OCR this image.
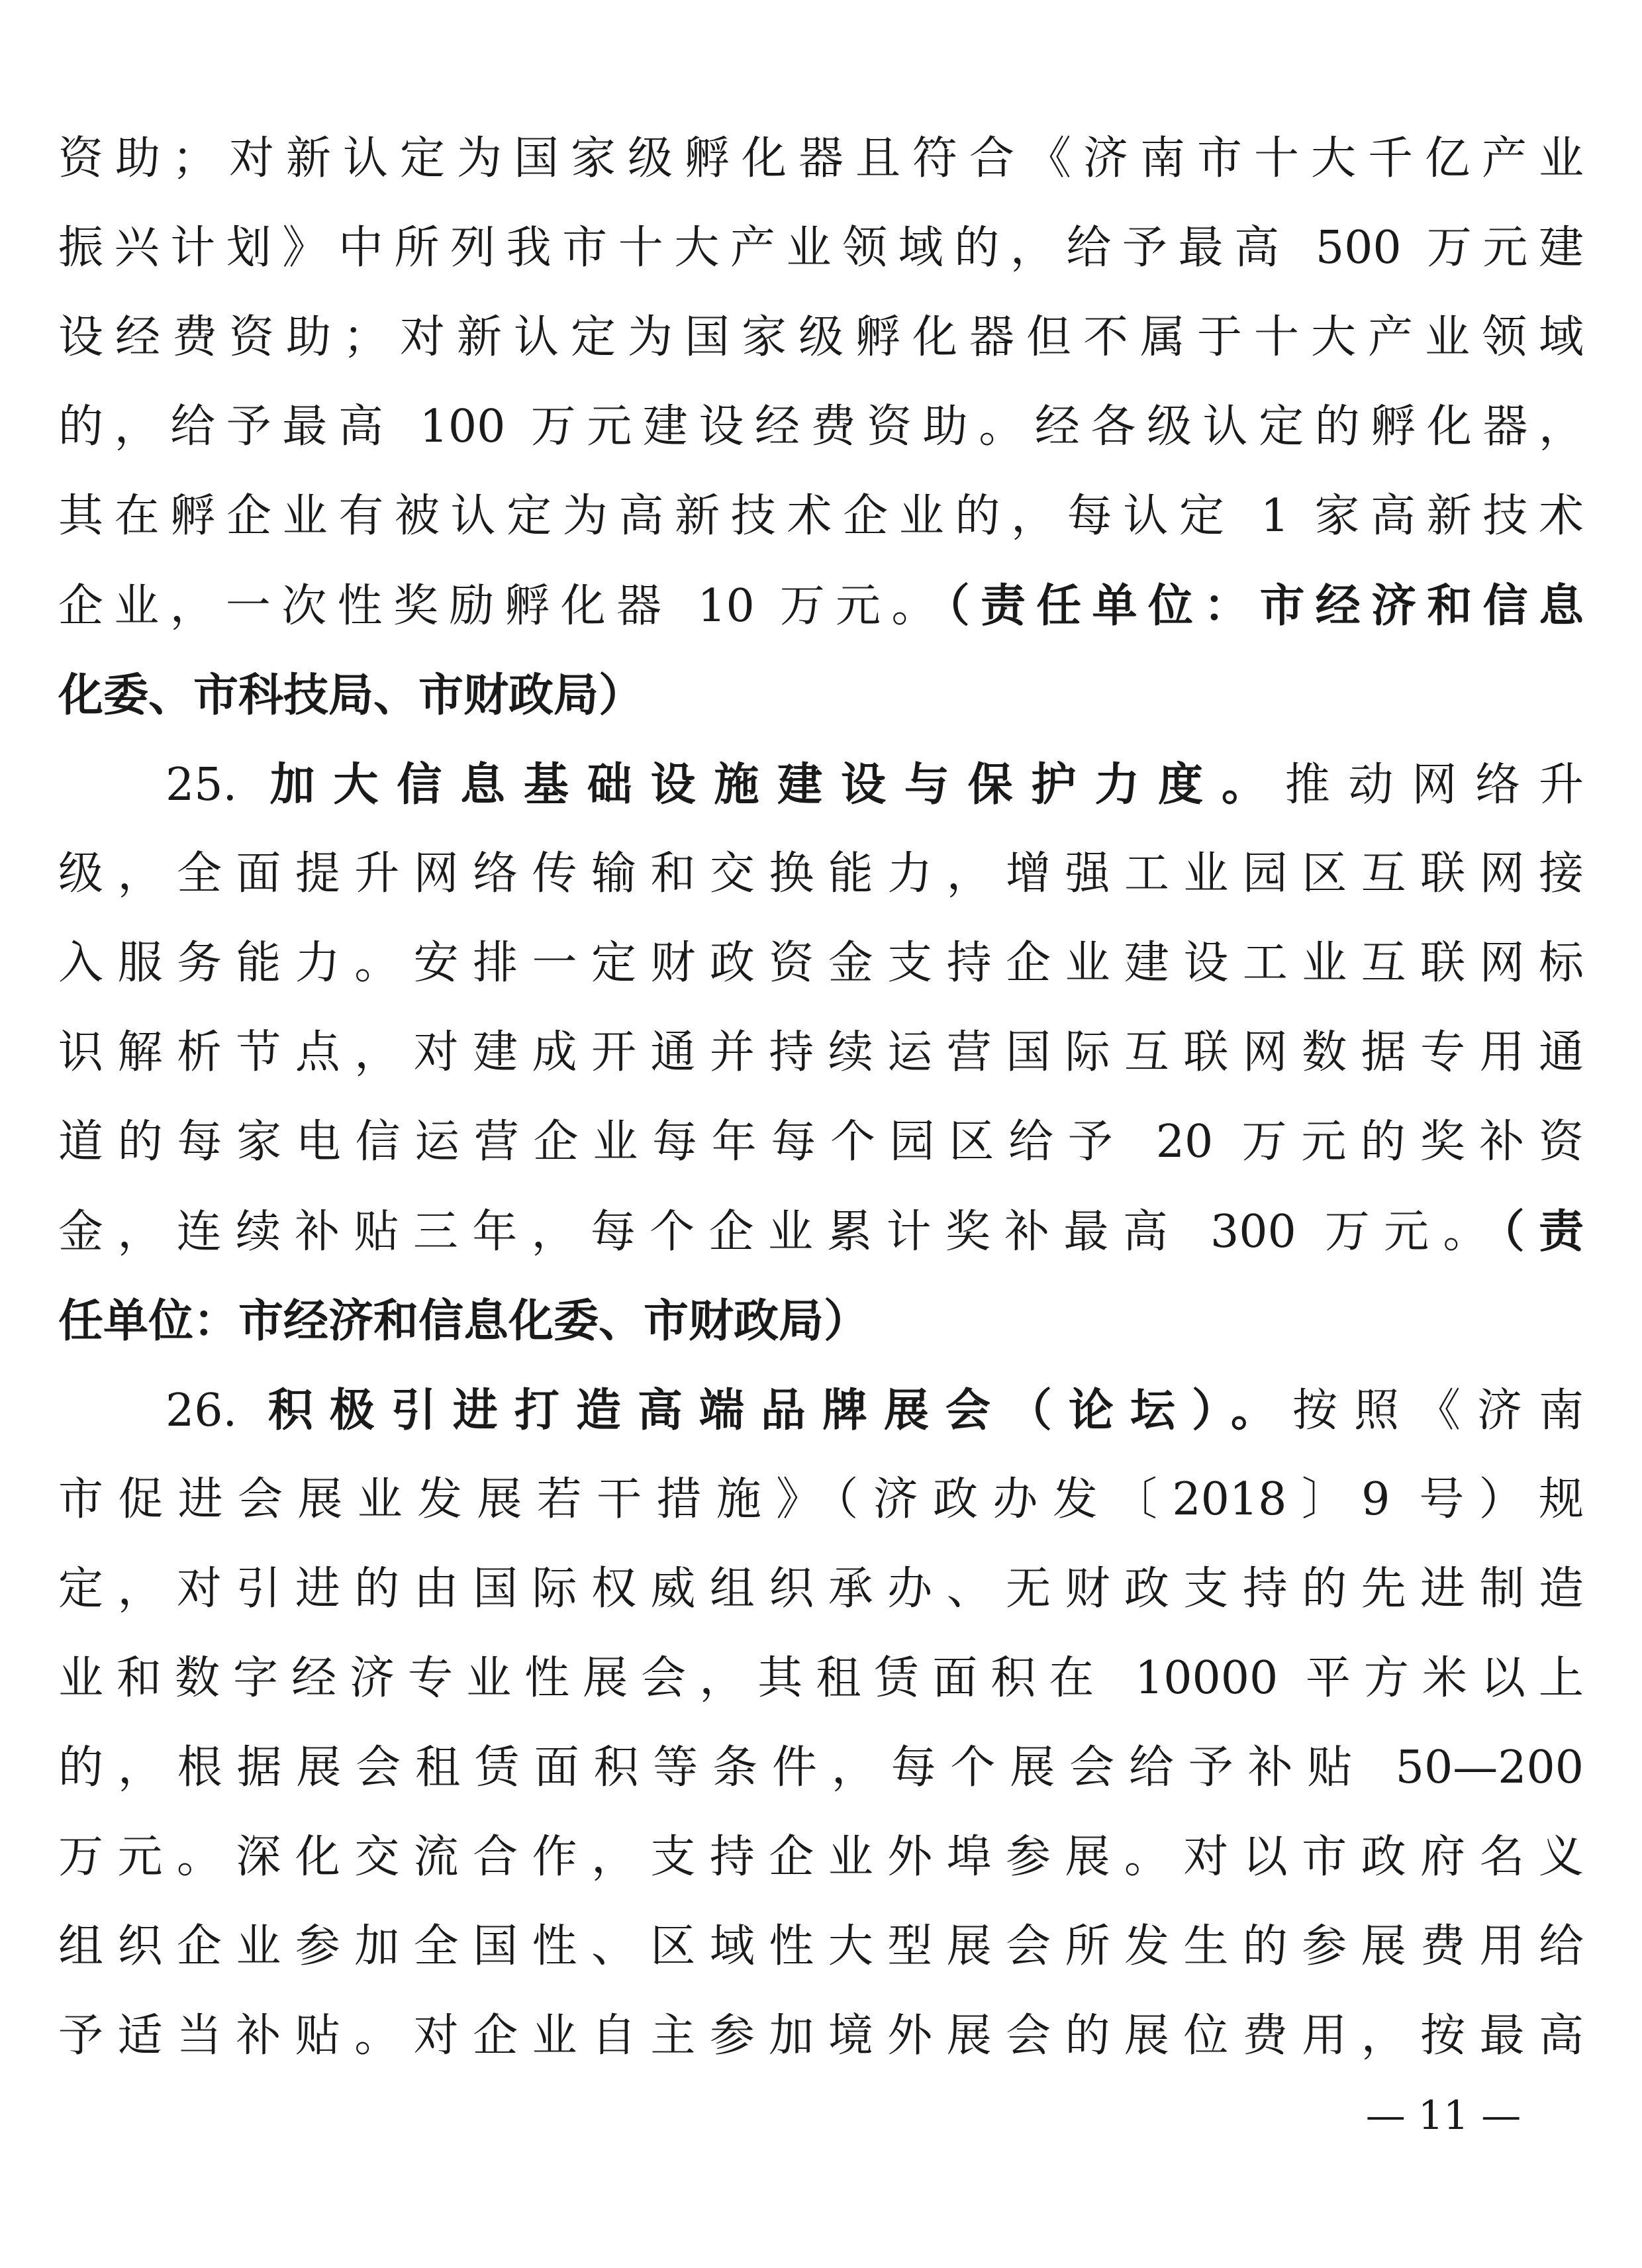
资助；对新认定为国家级孵化器且符合《济南市十大千亿产业

振兴计划》中所列我市十大产业领域的，给予最高 500 万元建

设经费资助；对新认定为国家级孵化器但不属于十大产业领域

的，给予最高 100 万元建设经费资助。经各级认定的孵化器，

其在孵企业有被认定为高新技术企业的，每认定 1 家高新技术

企业，一次性奖励孵化器 10 万元。（责任单位：市经济和信息

化委、市科技局、市财政局）

25. 加大信息基础设施建设与保护力度。推动网络升

级，全面提升网络传输和交换能力，增强工业园区互联网接

入服务能力。安排一定财政资金支持企业建设工业互联网标

识解析节点，对建成开通并持续运营国际互联网数据专用通

道的每家电信运营企业每年每个园区给予 20 万元的奖补资

金，连续补贴三年，每个企业累计奖补最高 300 万元。（责

任单位：市经济和信息化委、市财政局）

26. 积极引进打造高端品牌展会（论坛）。按照《济南

市促进会展业发展若干措施》（济政办发〔2018〕9 号）规

定，对引进的由国际权威组织承办、无财政支持的先进制造

业和数字经济专业性展会，其租赁面积在 10000 平方米以上

的，根据展会租赁面积等条件，每个展会给予补贴 50—200

万元。深化交流合作，支持企业外埠参展。对以市政府名义

组织企业参加全国性、区域性大型展会所发生的参展费用给

予适当补贴。对企业自主参加境外展会的展位费用，按最高

— 11 —
